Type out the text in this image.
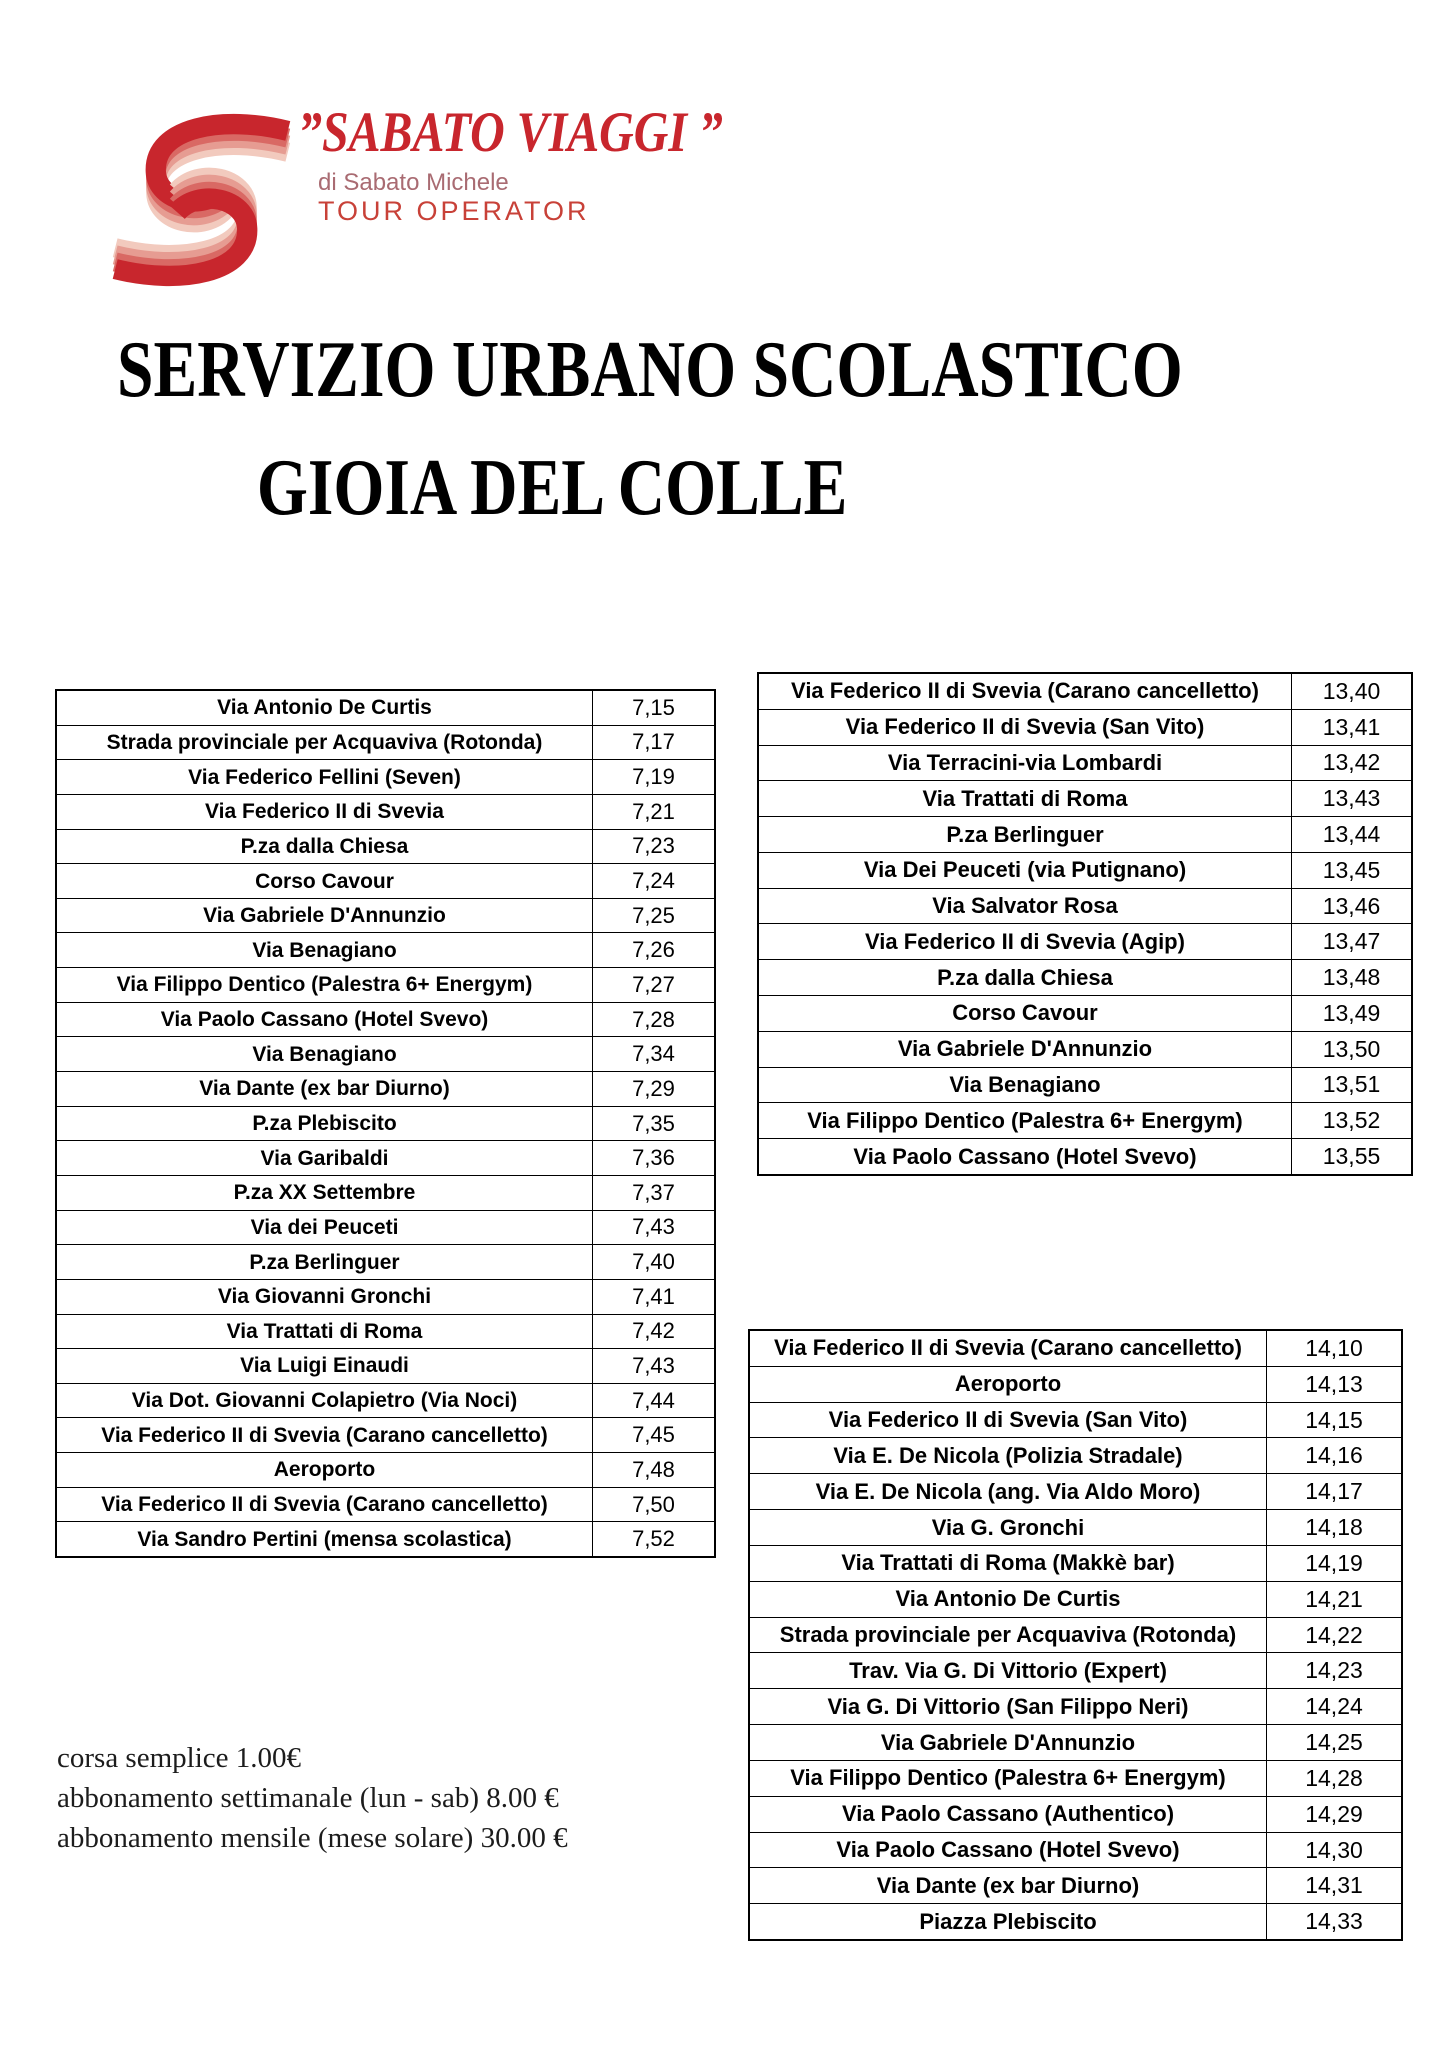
”SABATO VIAGGI ”
di Sabato Michele
TOUR OPERATOR
SERVIZIO URBANO SCOLASTICO
GIOIA DEL COLLE
Via Antonio De Curtis	7,15
Strada provinciale per Acquaviva (Rotonda)	7,17
Via Federico Fellini (Seven)	7,19
Via Federico II di Svevia	7,21
P.za dalla Chiesa	7,23
Corso Cavour	7,24
Via Gabriele D'Annunzio	7,25
Via Benagiano	7,26
Via Filippo Dentico (Palestra 6+ Energym)	7,27
Via Paolo Cassano (Hotel Svevo)	7,28
Via Benagiano	7,34
Via Dante (ex bar Diurno)	7,29
P.za Plebiscito	7,35
Via Garibaldi	7,36
P.za XX Settembre	7,37
Via dei Peuceti	7,43
P.za Berlinguer	7,40
Via Giovanni Gronchi	7,41
Via Trattati di Roma	7,42
Via Luigi Einaudi	7,43
Via Dot. Giovanni Colapietro (Via Noci)	7,44
Via Federico II di Svevia (Carano cancelletto)	7,45
Aeroporto	7,48
Via Federico II di Svevia (Carano cancelletto)	7,50
Via Sandro Pertini (mensa scolastica)	7,52
Via Federico II di Svevia (Carano cancelletto)	13,40
Via Federico II di Svevia (San Vito)	13,41
Via Terracini-via Lombardi	13,42
Via Trattati di Roma	13,43
P.za Berlinguer	13,44
Via Dei Peuceti (via Putignano)	13,45
Via Salvator Rosa	13,46
Via Federico II di Svevia (Agip)	13,47
P.za dalla Chiesa	13,48
Corso Cavour	13,49
Via Gabriele D'Annunzio	13,50
Via Benagiano	13,51
Via Filippo Dentico (Palestra 6+ Energym)	13,52
Via Paolo Cassano (Hotel Svevo)	13,55
Via Federico II di Svevia (Carano cancelletto)	14,10
Aeroporto	14,13
Via Federico II di Svevia (San Vito)	14,15
Via E. De Nicola (Polizia Stradale)	14,16
Via E. De Nicola (ang. Via Aldo Moro)	14,17
Via G. Gronchi	14,18
Via Trattati di Roma (Makkè bar)	14,19
Via Antonio De Curtis	14,21
Strada provinciale per Acquaviva (Rotonda)	14,22
Trav. Via G. Di Vittorio (Expert)	14,23
Via G. Di Vittorio (San Filippo Neri)	14,24
Via Gabriele D'Annunzio	14,25
Via Filippo Dentico (Palestra 6+ Energym)	14,28
Via Paolo Cassano (Authentico)	14,29
Via Paolo Cassano (Hotel Svevo)	14,30
Via Dante (ex bar Diurno)	14,31
Piazza Plebiscito	14,33
corsa semplice 1.00€
abbonamento settimanale (lun - sab) 8.00 €
abbonamento mensile (mese solare) 30.00 €
